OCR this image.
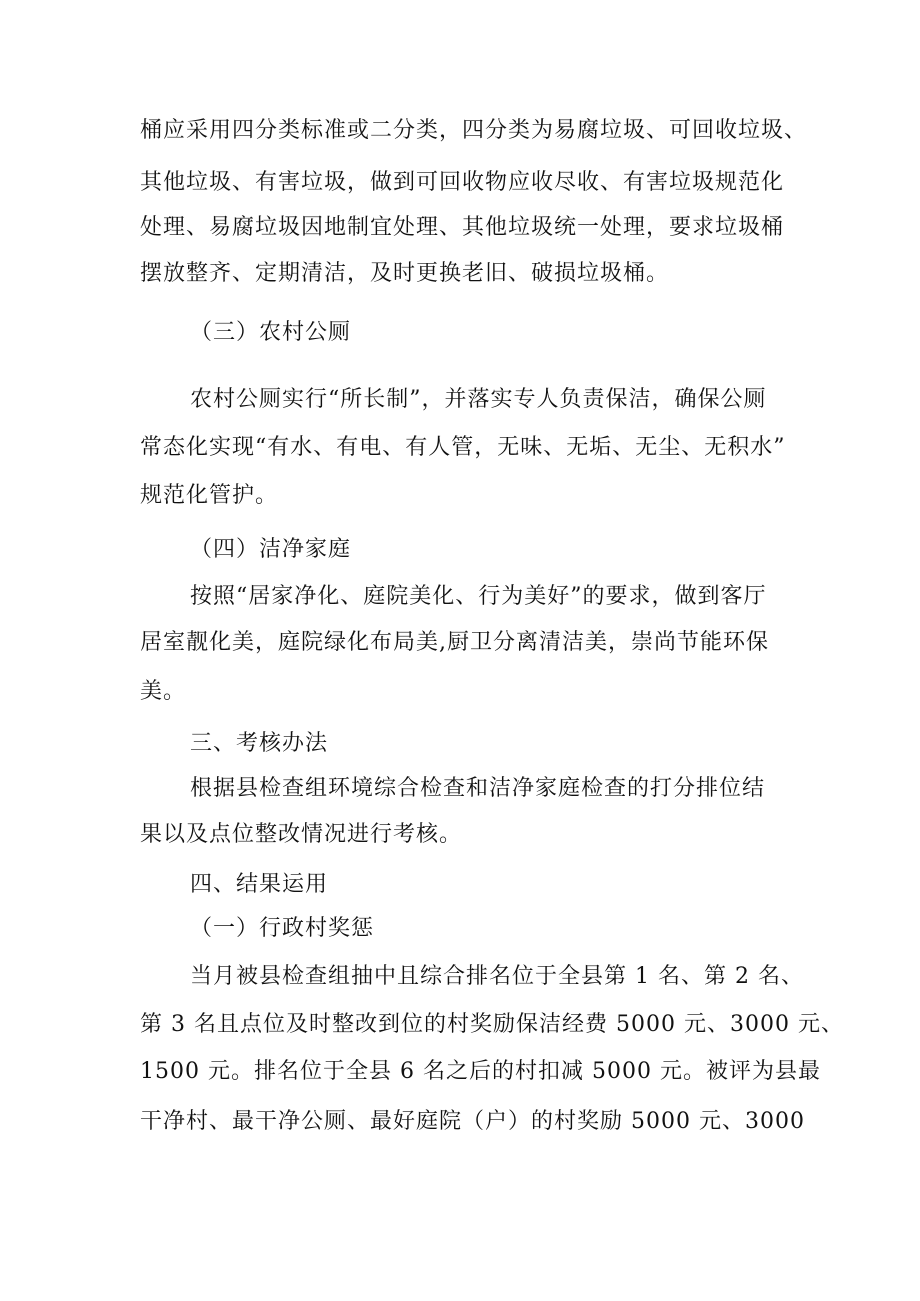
桶应采用四分类标准或二分类，四分类为易腐垃圾、可回收垃圾、
其他垃圾、有害垃圾，做到可回收物应收尽收、有害垃圾规范化
处理、易腐垃圾因地制宜处理、其他垃圾统一处理，要求垃圾桶
摆放整齐、定期清洁，及时更换老旧、破损垃圾桶。
（三）农村公厕
农村公厕实行“所长制”，并落实专人负责保洁，确保公厕
常态化实现“有水、有电、有人管，无味、无垢、无尘、无积水”
规范化管护。
（四）洁净家庭
按照“居家净化、庭院美化、行为美好”的要求，做到客厅
居室靓化美，庭院绿化布局美,厨卫分离清洁美，崇尚节能环保
美。
三、考核办法
根据县检查组环境综合检查和洁净家庭检查的打分排位结
果以及点位整改情况进行考核。
四、结果运用
（一）行政村奖惩
当月被县检查组抽中且综合排名位于全县第 1 名、第 2 名、
第 3 名且点位及时整改到位的村奖励保洁经费 5000 元、3000 元、
1500 元。排名位于全县 6 名之后的村扣减 5000 元。被评为县最
干净村、最干净公厕、最好庭院（户）的村奖励 5000 元、3000
